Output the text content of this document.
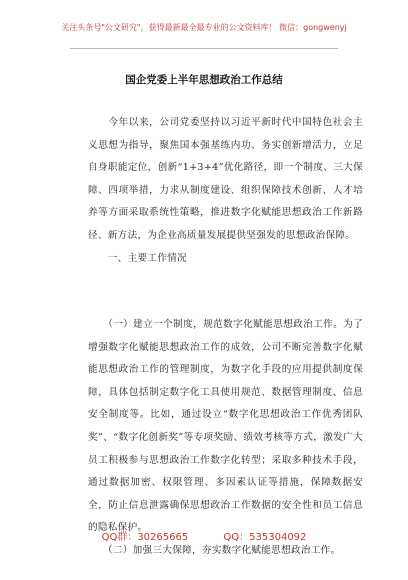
关注头条号"公文研究"，获得最新最全最专业的公文资料库！ 微信：gongwenyj
国企党委上半年思想政治工作总结
　　今年以来，公司党委坚持以习近平新时代中国特色社会主义思想为指导，聚焦国本强基练内功、务实创新增活力，立足自身职能定位，创新“1+3+4”优化路径，即一个制度、三大保障、四项举措，力求从制度建设、组织保障技术创新、人才培养等方面采取系统性策略，推进数字化赋能思想政治工作新路径、新方法，为企业高质量发展提供坚强发的思想政治保障。
　　一、主要工作情况
　　（一）建立一个制度，规范数字化赋能思想政治工作。为了增强数字化赋能思想政治工作的成效，公司不断完善数字化赋能思想政治工作的管理制度，为数字化手段的应用提供制度保障，具体包括制定数字化工具使用规范、数据管理制度、信息安全制度等。比如，通过设立“数字化思想政治工作优秀团队奖”、“数字化创新奖”等专项奖励、绩效考核等方式，激发广大员工积极参与思想政治工作数字化转型；采取多种技术手段，通过数据加密、权限管理、多因素认证等措施，保障数据安全，防止信息泄露确保思想政治工作数据的安全性和员工信息的隐私保护。
　　（二）加强三大保障，夯实数字化赋能思想政治工作。
QQ群：30265665	QQ：535304092
